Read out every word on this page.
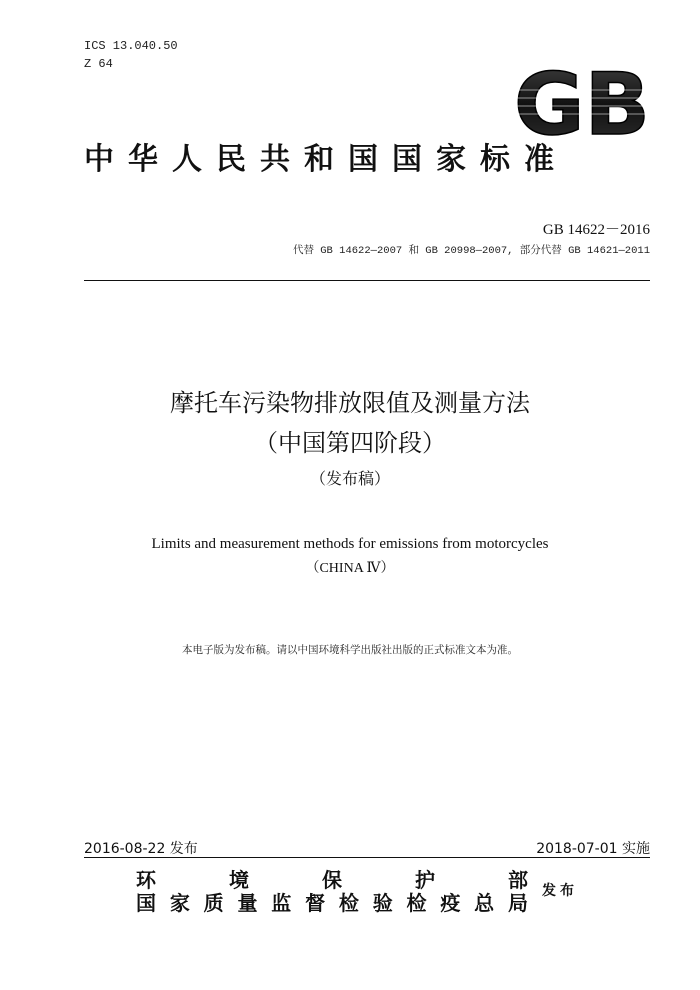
ICS 13.040.50
Z 64	GB
中华人民共和国国家标准
GB 14622－2016
代替 GB 14622—2007 和 GB 20998—2007, 部分代替 GB 14621—2011
摩托车污染物排放限值及测量方法
（中国第四阶段）
（发布稿）
Limits and measurement methods for emissions from motorcycles
（CHINA Ⅳ）
本电子版为发布稿。请以中国环境科学出版社出版的正式标准文本为准。
2016-08-22 发布	2018-07-01 实施
环	境	保	护	部
国 家 质 量 监 督 检 验 检 疫 总 局 发布
